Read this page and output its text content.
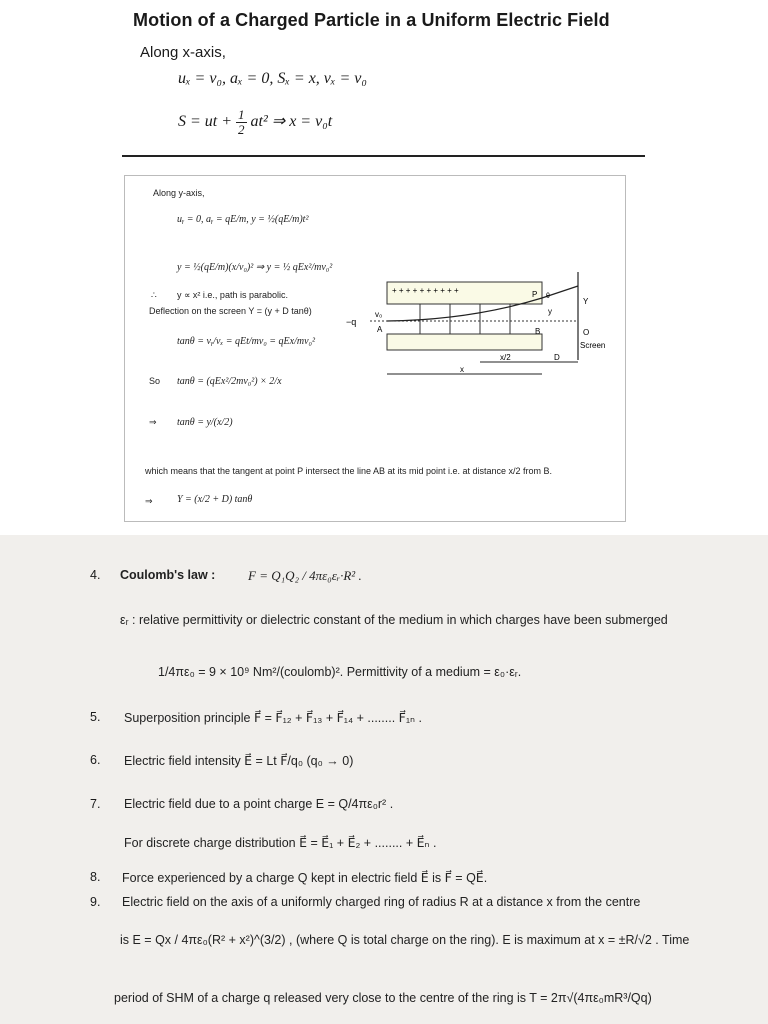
Motion of a Charged Particle in a Uniform Electric Field
Along x-axis,
uₓ = v₀, aₓ = 0, Sₓ = x, vₓ = v₀
S = ut + $\frac{1}{2} at^2$ ⇒ x = v₀t
Along y-axis,
uᵧ = 0, aᵧ = qE/m, y = ½(qE/m)t²
y = ½(qE/m)(x/v₀)² ⇒ y = ½ qEx²/mv₀²
∴ y ∝ x² i.e., path is parabolic.
Deflection on the screen Y = (y + D tanθ)
tanθ = vᵧ/vₓ = qEt/mv₀ = qEx/mv₀²
So tanθ = (qEx²/2mv₀²) × 2/x
⇒ tanθ = y/(x/2)
which means that the tangent at point P intersect the line AB at its mid point i.e. at distance x/2 from B.
⇒ Y = (x/2 + D) tanθ
+ + + + + + + + + +
−q
v₀
A	B
P θ
y
Y
O
Screen
x/2	D
x
4. Coulomb's law :	F = Q₁Q₂ / 4πε₀εᵣ·R² .
εᵣ : relative permittivity or dielectric constant of the medium in which charges have been submerged
1/4πε₀ = 9 × 10⁹ Nm²/(coulomb)². Permittivity of a medium = ε₀·εᵣ.
5. Superposition principle F⃗ = F⃗₁₂ + F⃗₁₃ + F⃗₁₄ + ........ F⃗₁ₙ .
6. Electric field intensity E⃗ = Lt F⃗/q₀ (q₀ → 0)
7. Electric field due to a point charge E = Q/4πε₀r² .
For discrete charge distribution E⃗ = E⃗₁ + E⃗₂ + ........ + E⃗ₙ .
8. Force experienced by a charge Q kept in electric field E⃗ is F⃗ = QE⃗.
9. Electric field on the axis of a uniformly charged ring of radius R at a distance x from the centre
is E = Qx / 4πε₀(R² + x²)^(3/2) , (where Q is total charge on the ring). E is maximum at x = ±R/√2 . Time
period of SHM of a charge q released very close to the centre of the ring is T = 2π√(4πε₀mR³/Qq)
